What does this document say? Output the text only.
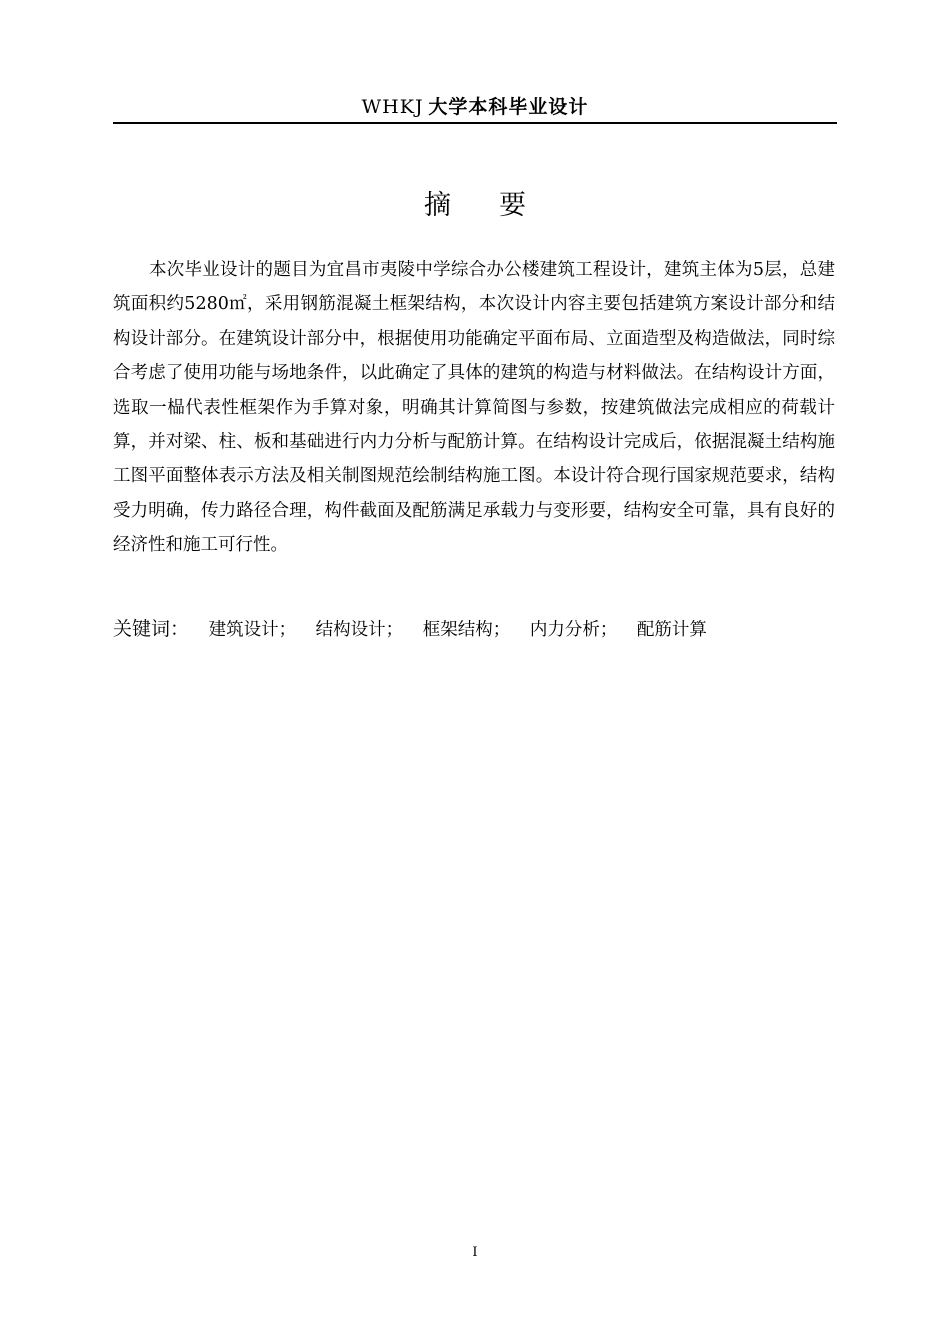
WHKJ 大学本科毕业设计
摘要

本次毕业设计的题目为宜昌市夷陵中学综合办公楼建筑工程设计，建筑主体为5层，总建筑面积约5280㎡，采用钢筋混凝土框架结构，本次设计内容主要包括建筑方案设计部分和结构设计部分。在建筑设计部分中，根据使用功能确定平面布局、立面造型及构造做法，同时综合考虑了使用功能与场地条件，以此确定了具体的建筑的构造与材料做法。在结构设计方面，选取一榀代表性框架作为手算对象，明确其计算简图与参数，按建筑做法完成相应的荷载计算，并对梁、柱、板和基础进行内力分析与配筋计算。在结构设计完成后，依据混凝土结构施工图平面整体表示方法及相关制图规范绘制结构施工图。本设计符合现行国家规范要求，结构受力明确，传力路径合理，构件截面及配筋满足承载力与变形要，结构安全可靠，具有良好的经济性和施工可行性。

关键词： 建筑设计； 结构设计； 框架结构； 内力分析； 配筋计算
I
